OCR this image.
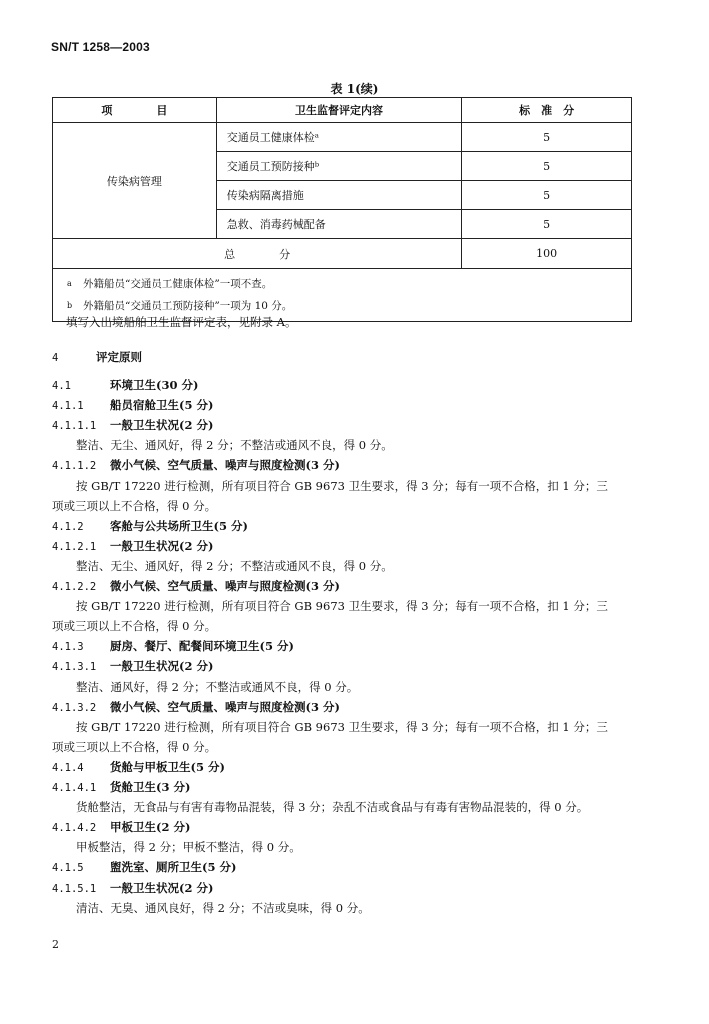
SN/T 1258—2003
表 1(续)
项　　　　目	卫生监督评定内容	标　准　分
传染病管理	交通员工健康体检ᵃ	5
	交通员工预防接种ᵇ	5
	传染病隔离措施	5
	急救、消毒药械配备	5
总　　　　分		100

a 外籍船员“交通员工健康体检”一项不查。
b 外籍船员“交通员工预防接种”一项为 10 分。		
填写入出境船舶卫生监督评定表，见附录 A。
4	评定原则
4.1	环境卫生(30 分)
4.1.1 船员宿舱卫生(5 分)
4.1.1.1 一般卫生状况(2 分)
整洁、无尘、通风好，得 2 分；不整洁或通风不良，得 0 分。
4.1.1.2 微小气候、空气质量、噪声与照度检测(3 分)
按 GB/T 17220 进行检测，所有项目符合 GB 9673 卫生要求，得 3 分；每有一项不合格，扣 1 分；三
项或三项以上不合格，得 0 分。
4.1.2 客舱与公共场所卫生(5 分)
4.1.2.1 一般卫生状况(2 分)
整洁、无尘、通风好，得 2 分；不整洁或通风不良，得 0 分。
4.1.2.2 微小气候、空气质量、噪声与照度检测(3 分)
按 GB/T 17220 进行检测，所有项目符合 GB 9673 卫生要求，得 3 分；每有一项不合格，扣 1 分；三
项或三项以上不合格，得 0 分。
4.1.3 厨房、餐厅、配餐间环境卫生(5 分)
4.1.3.1 一般卫生状况(2 分)
整洁、通风好，得 2 分；不整洁或通风不良，得 0 分。
4.1.3.2 微小气候、空气质量、噪声与照度检测(3 分)
按 GB/T 17220 进行检测，所有项目符合 GB 9673 卫生要求，得 3 分；每有一项不合格，扣 1 分；三
项或三项以上不合格，得 0 分。
4.1.4 货舱与甲板卫生(5 分)
4.1.4.1 货舱卫生(3 分)
货舱整洁，无食品与有害有毒物品混装，得 3 分；杂乱不洁或食品与有毒有害物品混装的，得 0 分。
4.1.4.2 甲板卫生(2 分)
甲板整洁，得 2 分；甲板不整洁，得 0 分。
4.1.5 盥洗室、厕所卫生(5 分)
4.1.5.1 一般卫生状况(2 分)
清洁、无臭、通风良好，得 2 分；不洁或臭味，得 0 分。
2
